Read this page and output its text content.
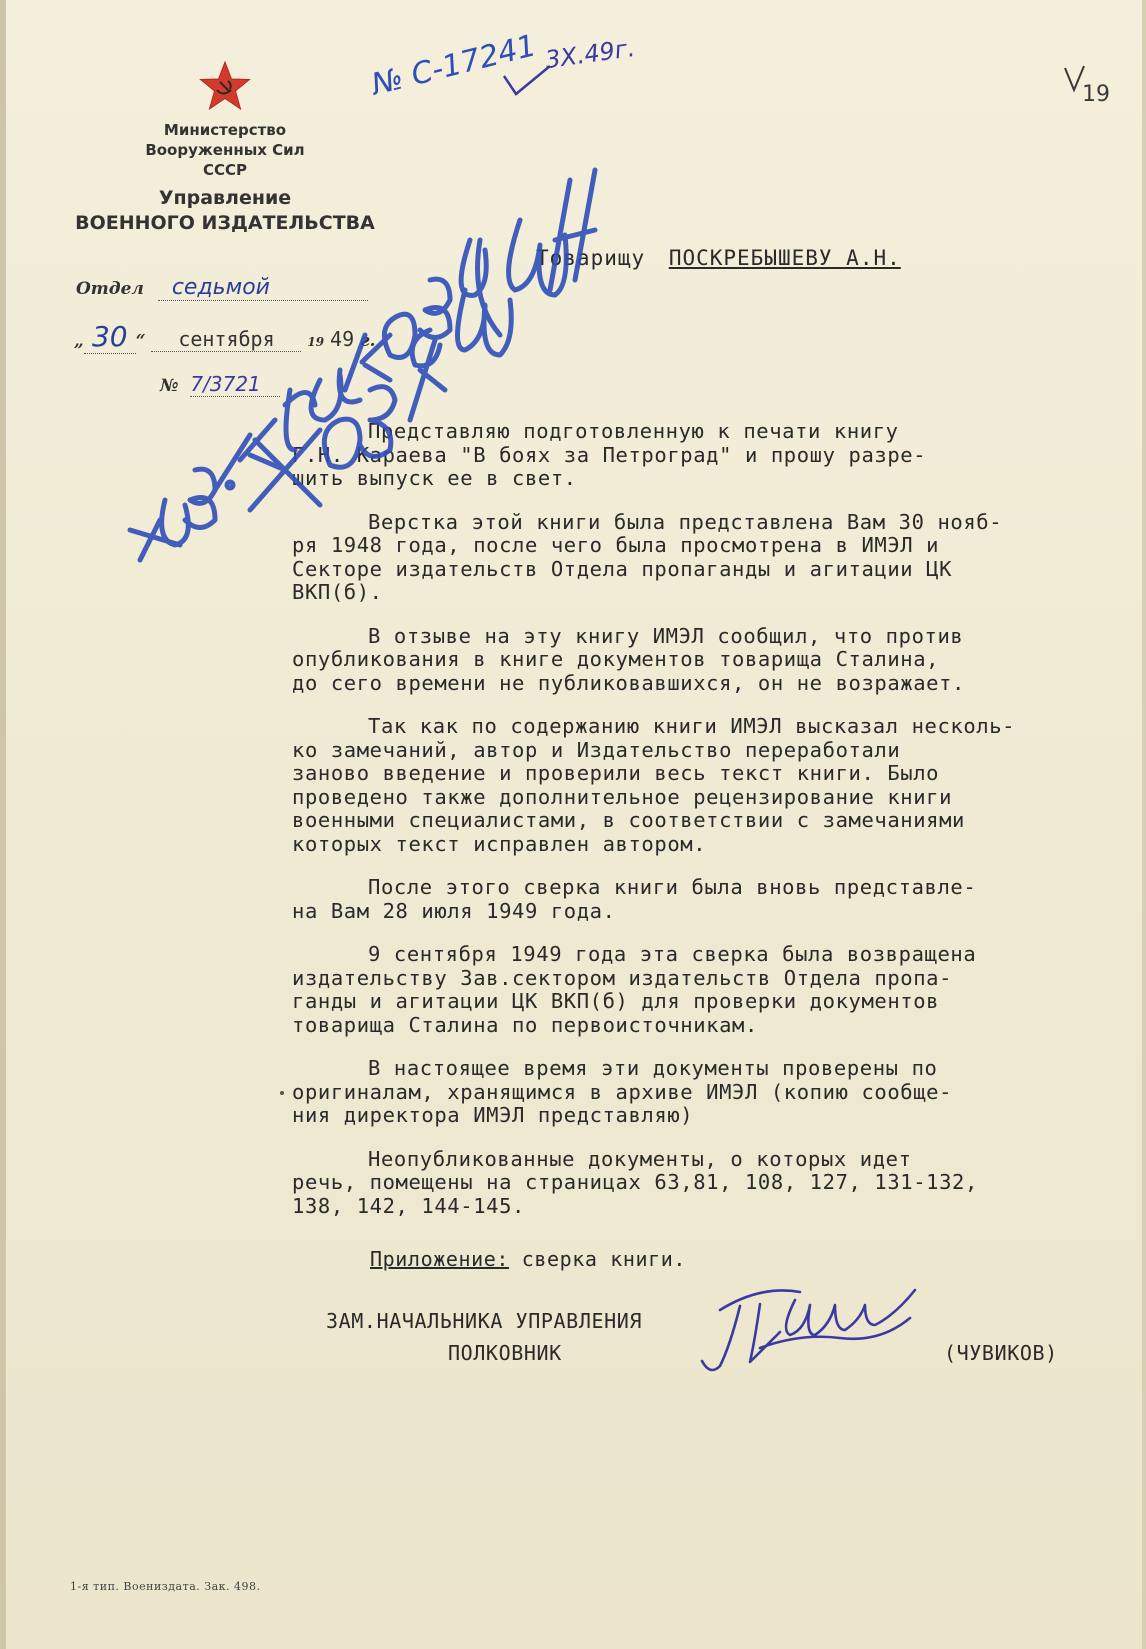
Министерство
Вооруженных Сил
СССР
Управление
ВОЕННОГО ИЗДАТЕЛЬСТВА
Отдел седьмой
„ 30 “ сентября	19 49 г.
№ 7/3721
Товарищу ПОСКРЕБЫШЕВУ А.Н.

Представляю подготовленную к печати книгу
Г.Н. Караева "В боях за Петроград" и прошу разре-
шить выпуск ее в свет.

Верстка этой книги была представлена Вам 30 нояб-
ря 1948 года, после чего была просмотрена в ИМЭЛ и
Секторе издательств Отдела пропаганды и агитации ЦК
ВКП(б).

В отзыве на эту книгу ИМЭЛ сообщил, что против
опубликования в книге документов товарища Сталина,
до сего времени не публиковавшихся, он не возражает.

Так как по содержанию книги ИМЭЛ высказал несколь-
ко замечаний, автор и Издательство переработали
заново введение и проверили весь текст книги. Было
проведено также дополнительное рецензирование книги
военными специалистами, в соответствии с замечаниями
которых текст исправлен автором.

После этого сверка книги была вновь представле-
на Вам 28 июля 1949 года.

9 сентября 1949 года эта сверка была возвращена
издательству Зав.сектором издательств Отдела пропа-
ганды и агитации ЦК ВКП(б) для проверки документов
товарища Сталина по первоисточникам.

В настоящее время эти документы проверены по
оригиналам, хранящимся в архиве ИМЭЛ (копию сообще-
ния директора ИМЭЛ представляю)

Неопубликованные документы, о которых идет
речь, помещены на страницах 63,81, 108, 127, 131-132,
138, 142, 144-145.

Приложение: сверка книги.
ЗАМ.НАЧАЛЬНИКА УПРАВЛЕНИЯ
ПОЛКОВНИК	(ЧУВИКОВ)
1-я тип. Воениздата. Зак. 498.
№ С-17241 3Х.49г.
19
